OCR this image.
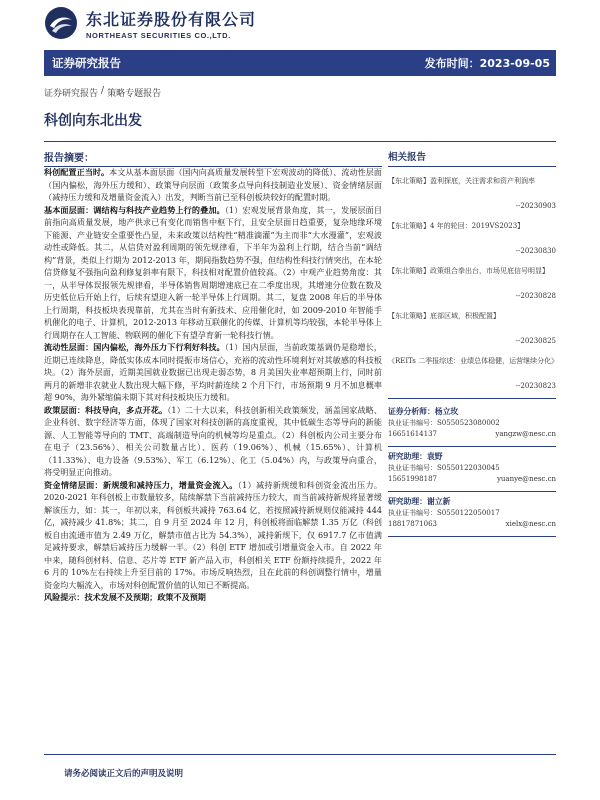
东北证券股份有限公司
NORTHEAST SECURITIES CO.,LTD.
证券研究报告	发布时间：2023-09-05
证券研究报告 / 策略专题报告
科创向东北出发
报告摘要：

科创配置正当时。本文从基本面层面（国内向高质量发展转型下宏观波动的降低）、流动性层面（国内偏松，海外压力缓和）、政策导向层面（政策多点导向科技制造业发展）、资金情绪层面（减持压力缓和及增量资金流入）出发，判断当前已至科创板块较好的配置时期。

基本面层面：调结构与科技产业趋势上行的叠加。（1）宏观发展背景角度，其一，发展层面目前指向高质量发展，地产供求已有变化而销售中枢下行，且安全层面日趋重要，复杂地缘环境下能源、产业链安全重要性凸显，未来政策以结构性“精准滴灌”为主而非“大水漫灌”，宏观波动性或降低。其二，从信贷对盈利周期的领先规律看，下半年为盈利上行期，结合当前“调结构”背景，类似上行期为 2012-2013 年，期间指数趋势不强，但结构性科技行情突出，在本轮信贷修复不强指向盈利修复斜率有限下，科技相对配置价值较高。（2）中观产业趋势角度：其一，从半导体误报领先规律看，半导体销售周期增速底已在二季度出现，其增速分位数在数及历史低位后开始上行，后续有望迎入新一轮半导体上行周期。其二，复盘 2008 年后的半导体上行周期，科技板块表现靠前，尤其在当时有新技术、应用催化时，如 2009-2010 年智能手机催化的电子、计算机，2012-2013 年移动互联催化的传媒、计算机等均较强，本轮半导体上行周期存在人工智能、物联网的催化下有望孕育新一轮科技行情。

流动性层面：国内偏松，海外压力下行利好科技。（1）国内层面，当前政策基调仍是稳增长，近期已连续降息，降低实体成本同时提振市场信心，充裕的流动性环境利好对其敏感的科技板块。（2）海外层面，近期美国就业数据已出现走弱态势，8 月美国失业率超预期上行，同时前两月的新增非农就业人数出现大幅下修，平均时薪连续 2 个月下行，市场预期 9 月不加息概率超 90%，海外紧缩偏未期下其对科技板块压力缓和。

政策层面：科技导向，多点开花。（1）二十大以来，科技创新相关政策频发，涵盖国家战略、企业科创、数字经济等方面，体现了国家对科技创新的高度重视，其中低碳生态等导向的新能源、人工智能等导向的 TMT、高端制造导向的机械等均是重点。（2）科创板内公司主要分布在电子（23.56%）、相关公司数量占比）、医药（19.06%）、机械（15.65%）、计算机（11.33%）、电力设备（9.53%）、军工（6.12%）、化工（5.04%）内，与政策导向重合，将受明显正向推动。

资金情绪层面：新规缓和减持压力，增量资金流入。（1）减持新规缓和科创资金流出压力。2020-2021 年科创板上市数量较多，陆续解禁下当前减持压力较大，而当前减持新规将显著缓解该压力，如：其一，年初以来，科创板共减持 763.64 亿，若按照减持新规则仅能减持 444 亿，减持减少 41.8%；其二，自 9 月至 2024 年 12 月，科创板将面临解禁 1.35 万亿（科创板自由流通市值为 2.49 万亿，解禁市值占比为 54.3%），减持新规下，仅 6917.7 亿市值满足减持要求，解禁后减持压力缓解一半。（2）科创 ETF 增加或引增量资金入市。自 2022 年中来，随科创材料、信息、芯片等 ETF 新产品入市，科创相关 ETF 份额持续提升，2022 年 6 月的 10%左右持续上升至目前的 17%。市场反响热烈，且在此前的科创调整行情中，增量资金均大幅流入，市场对科创配置价值的认知已不断提高。

风险提示：技术发展不及预期；政策不及预期

相关报告
【东北策略】盈利探底，关注需求和资产利润率
--20230903
【东北策略】4 年的轮回：2019VS2023】
--20230830
【东北策略】政策组合拳出台，市场见底信号明显】
--20230828
【东北策略】底部区域，积极配置】
--20230825
《REITs 二季报综述：业绩总体稳健，运营继续分化》
--20230823
证券分析师：杨立玫
执业证书编号：S0550523080002
16651614137	yangzw@nesc.cn
研究助理：袁野
执业证书编号：S0550122030045
15651998187	yuanye@nesc.cn
研究助理：谢立新
执业证书编号：S0550122050017
18817871063	xielx@nesc.cn
请务必阅读正文后的声明及说明
